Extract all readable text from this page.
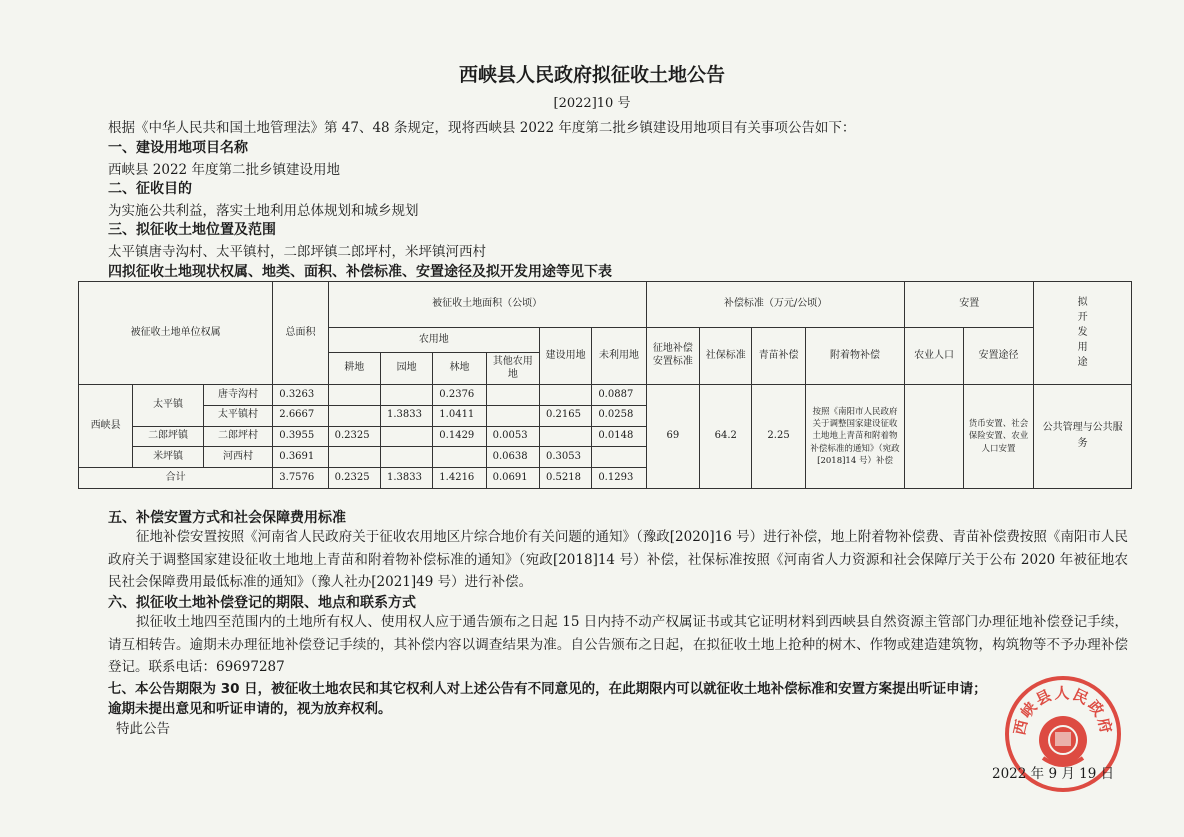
西峡县人民政府拟征收土地公告
[2022]10 号
根据《中华人民共和国土地管理法》第 47、48 条规定，现将西峡县 2022 年度第二批乡镇建设用地项目有关事项公告如下：
一、建设用地项目名称
西峡县 2022 年度第二批乡镇建设用地
二、征收目的
为实施公共利益，落实土地利用总体规划和城乡规划
三、拟征收土地位置及范围
太平镇唐寺沟村、太平镇村，二郎坪镇二郎坪村，米坪镇河西村
四拟征收土地现状权属、地类、面积、补偿标准、安置途径及拟开发用途等见下表
被征收土地单位权属			总面积	被征收土地面积（公顷）						补偿标准（万元/公顷）				安置		拟开发用途

				农用地				建设用地	未利用地	征地补偿安置标准	社保标准	青苗补偿	附着物补偿	农业人口	安置途径	
				耕地	园地	林地	其他农用地									
西峡县	太平镇	唐寺沟村	0.3263			0.2376			0.0887	69	64.2	2.25	按照《南阳市人民政府关于调整国家建设征收土地地上青苗和附着物补偿标准的通知》（宛政[2018]14 号）补偿		货币安置、社会保险安置、农业人口安置	公共管理与公共服务
		太平镇村	2.6667		1.3833	1.0411		0.2165	0.0258							
	二郎坪镇	二郎坪村	0.3955	0.2325		0.1429	0.0053		0.0148							
	米坪镇	河西村	0.3691				0.0638	0.3053								
合计			3.7576	0.2325	1.3833	1.4216	0.0691	0.5218	0.1293							
五、补偿安置方式和社会保障费用标准
征地补偿安置按照《河南省人民政府关于征收农用地区片综合地价有关问题的通知》（豫政[2020]16 号）进行补偿，地上附着物补偿费、青苗补偿费按照《南阳市人民政府关于调整国家建设征收土地地上青苗和附着物补偿标准的通知》（宛政[2018]14 号）补偿，社保标准按照《河南省人力资源和社会保障厅关于公布 2020 年被征地农民社会保障费用最低标准的通知》（豫人社办[2021]49 号）进行补偿。
六、拟征收土地补偿登记的期限、地点和联系方式
拟征收土地四至范围内的土地所有权人、使用权人应于通告颁布之日起 15 日内持不动产权属证书或其它证明材料到西峡县自然资源主管部门办理征地补偿登记手续，请互相转告。逾期未办理征地补偿登记手续的，其补偿内容以调查结果为准。自公告颁布之日起，在拟征收土地上抢种的树木、作物或建造建筑物，构筑物等不予办理补偿登记。联系电话：69697287
七、本公告期限为 30 日，被征收土地农民和其它权利人对上述公告有不同意见的，在此期限内可以就征收土地补偿标准和安置方案提出听证申请；
逾期未提出意见和听证申请的，视为放弃权利。
特此公告	西峡县人民政府
2022 年 9 月 19 日
